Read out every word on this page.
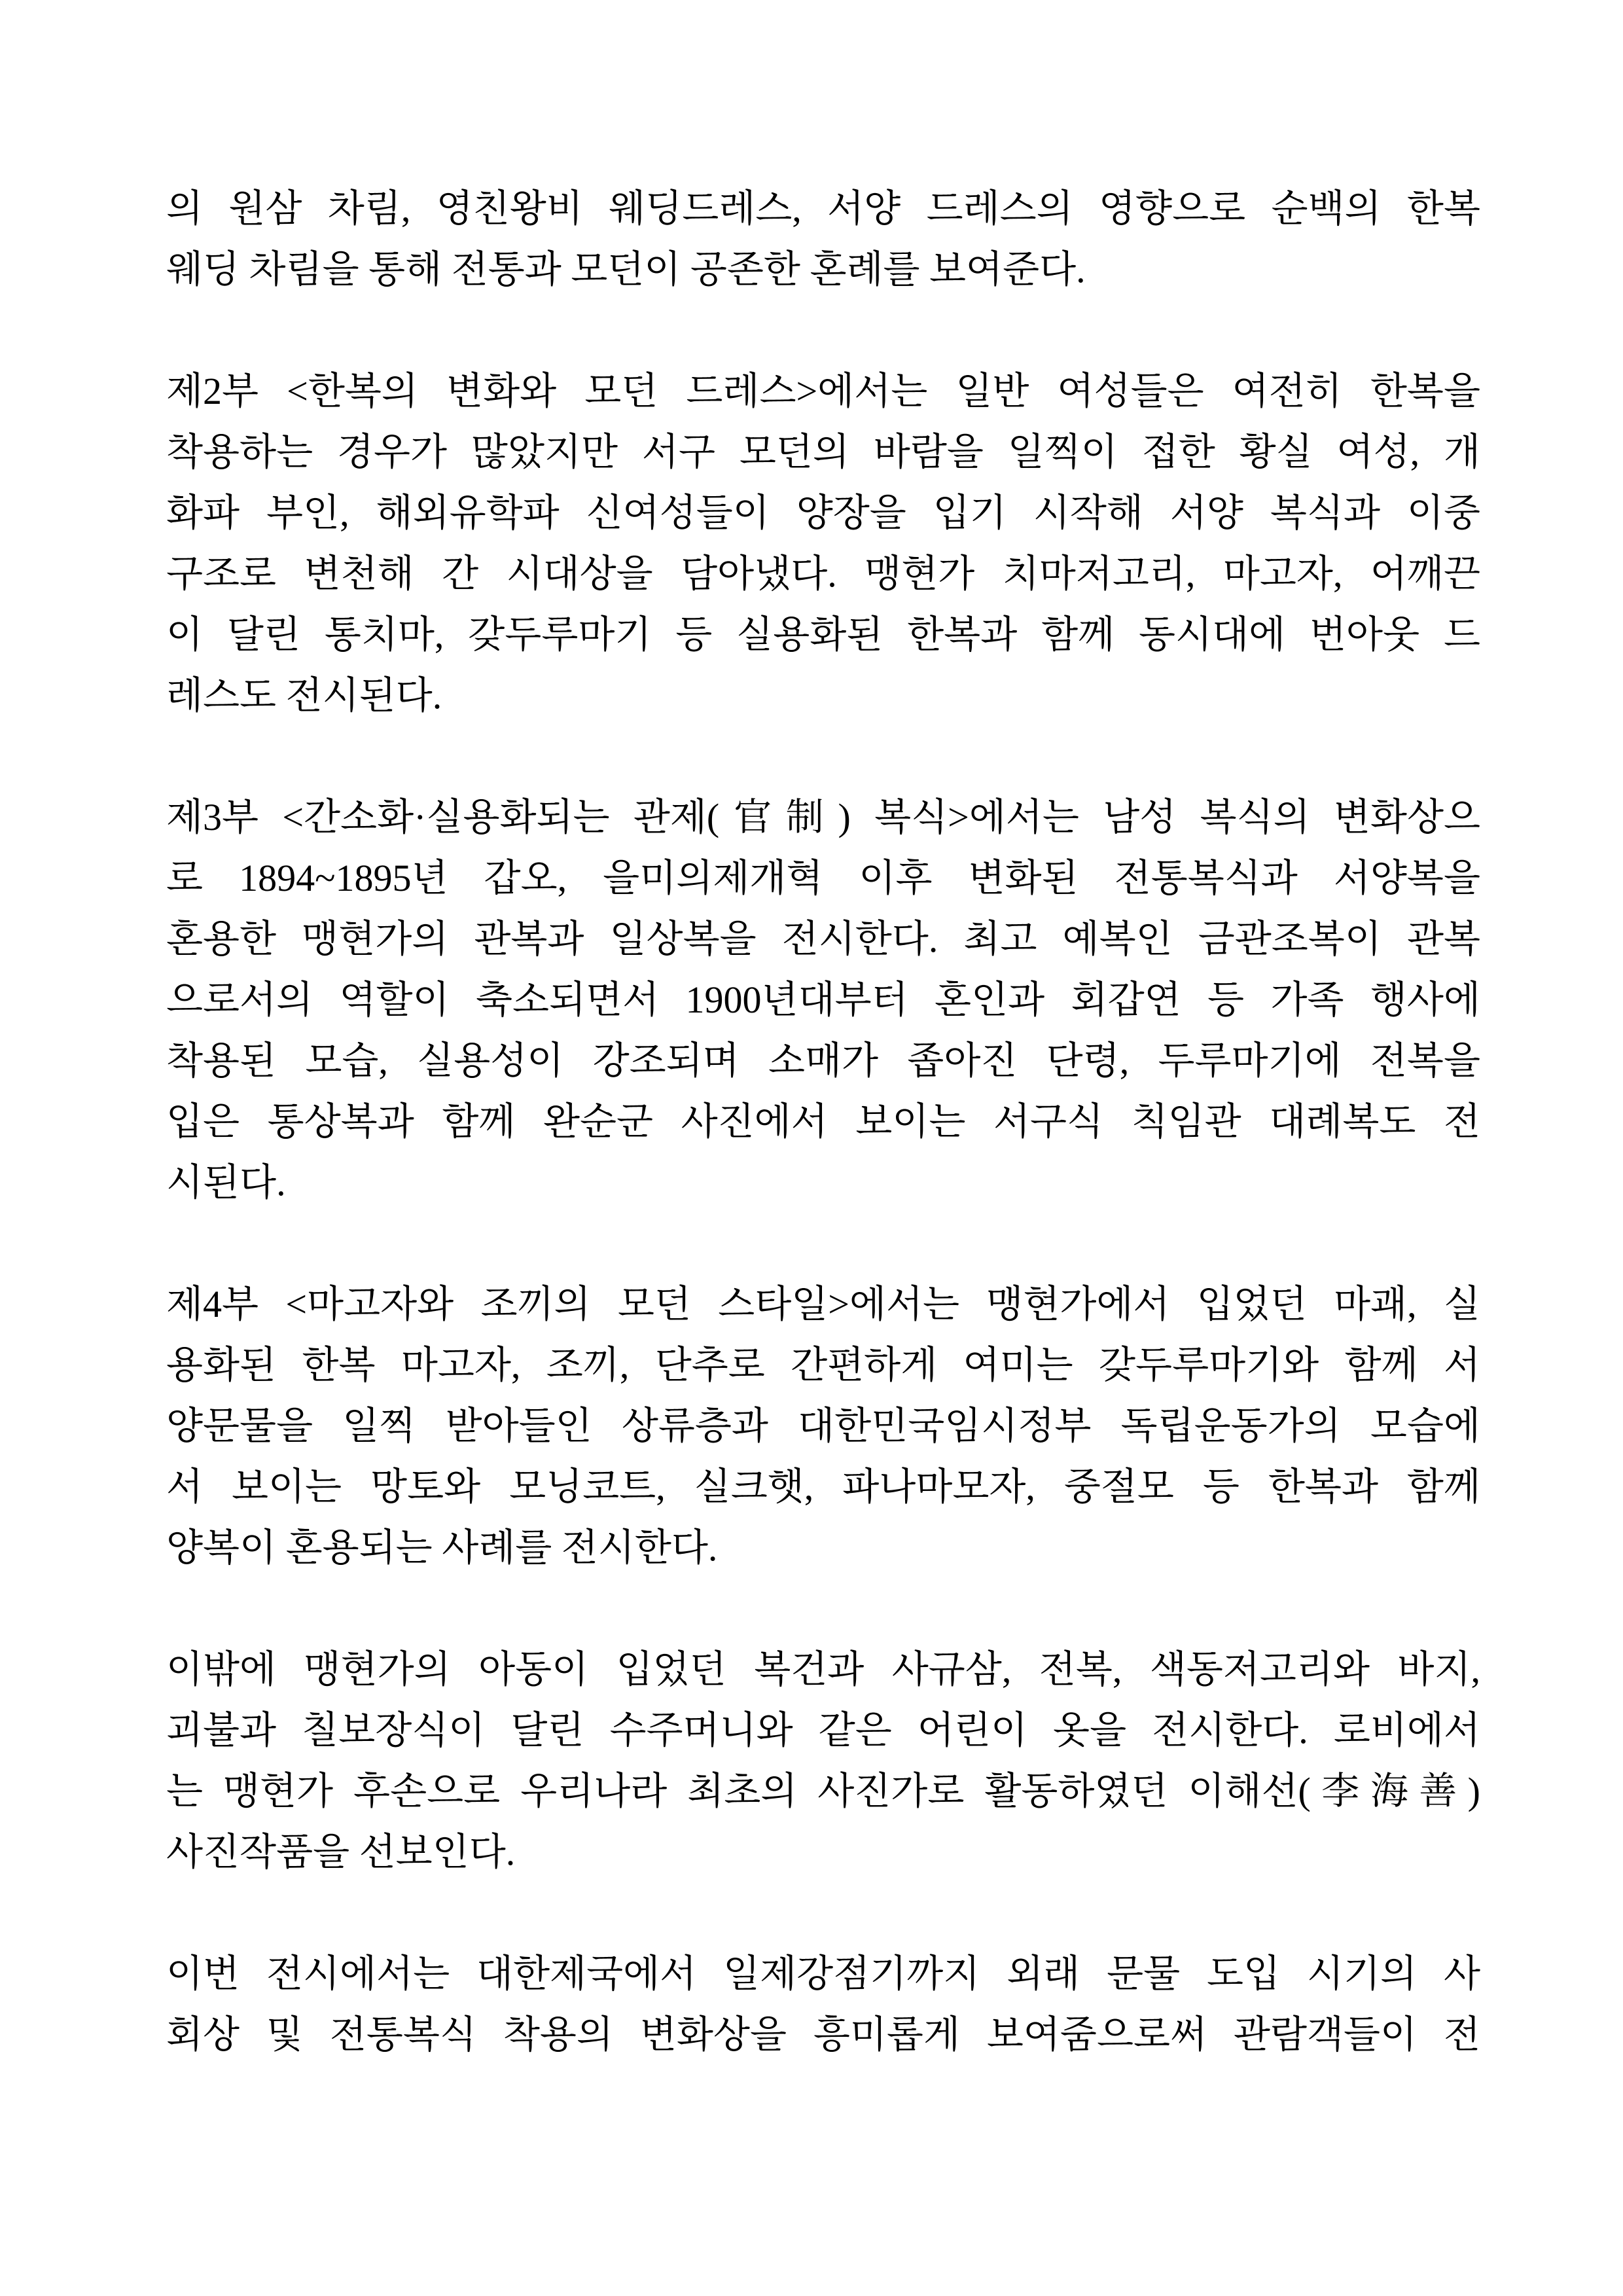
의 원삼 차림, 영친왕비 웨딩드레스, 서양 드레스의 영향으로 순백의 한복
웨딩 차림을 통해 전통과 모던이 공존한 혼례를 보여준다.

제2부 <한복의 변화와 모던 드레스>에서는 일반 여성들은 여전히 한복을
착용하는 경우가 많았지만 서구 모던의 바람을 일찍이 접한 황실 여성, 개
화파 부인, 해외유학파 신여성들이 양장을 입기 시작해 서양 복식과 이중
구조로 변천해 간 시대상을 담아냈다. 맹현가 치마저고리, 마고자, 어깨끈
이 달린 통치마, 갖두루마기 등 실용화된 한복과 함께 동시대에 번아웃 드
레스도 전시된다.

제3부 <간소화·실용화되는 관제(官制) 복식>에서는 남성 복식의 변화상으
로 1894~1895년 갑오, 을미의제개혁 이후 변화된 전통복식과 서양복을
혼용한 맹현가의 관복과 일상복을 전시한다. 최고 예복인 금관조복이 관복
으로서의 역할이 축소되면서 1900년대부터 혼인과 회갑연 등 가족 행사에
착용된 모습, 실용성이 강조되며 소매가 좁아진 단령, 두루마기에 전복을
입은 통상복과 함께 완순군 사진에서 보이는 서구식 칙임관 대례복도 전
시된다.

제4부 <마고자와 조끼의 모던 스타일>에서는 맹현가에서 입었던 마괘, 실
용화된 한복 마고자, 조끼, 단추로 간편하게 여미는 갖두루마기와 함께 서
양문물을 일찍 받아들인 상류층과 대한민국임시정부 독립운동가의 모습에
서 보이는 망토와 모닝코트, 실크햇, 파나마모자, 중절모 등 한복과 함께
양복이 혼용되는 사례를 전시한다.

이밖에 맹현가의 아동이 입었던 복건과 사규삼, 전복, 색동저고리와 바지,
괴불과 칠보장식이 달린 수주머니와 같은 어린이 옷을 전시한다. 로비에서
는 맹현가 후손으로 우리나라 최초의 사진가로 활동하였던 이해선(李海善)
사진작품을 선보인다.

이번 전시에서는 대한제국에서 일제강점기까지 외래 문물 도입 시기의 사
회상 및 전통복식 착용의 변화상을 흥미롭게 보여줌으로써 관람객들이 전
